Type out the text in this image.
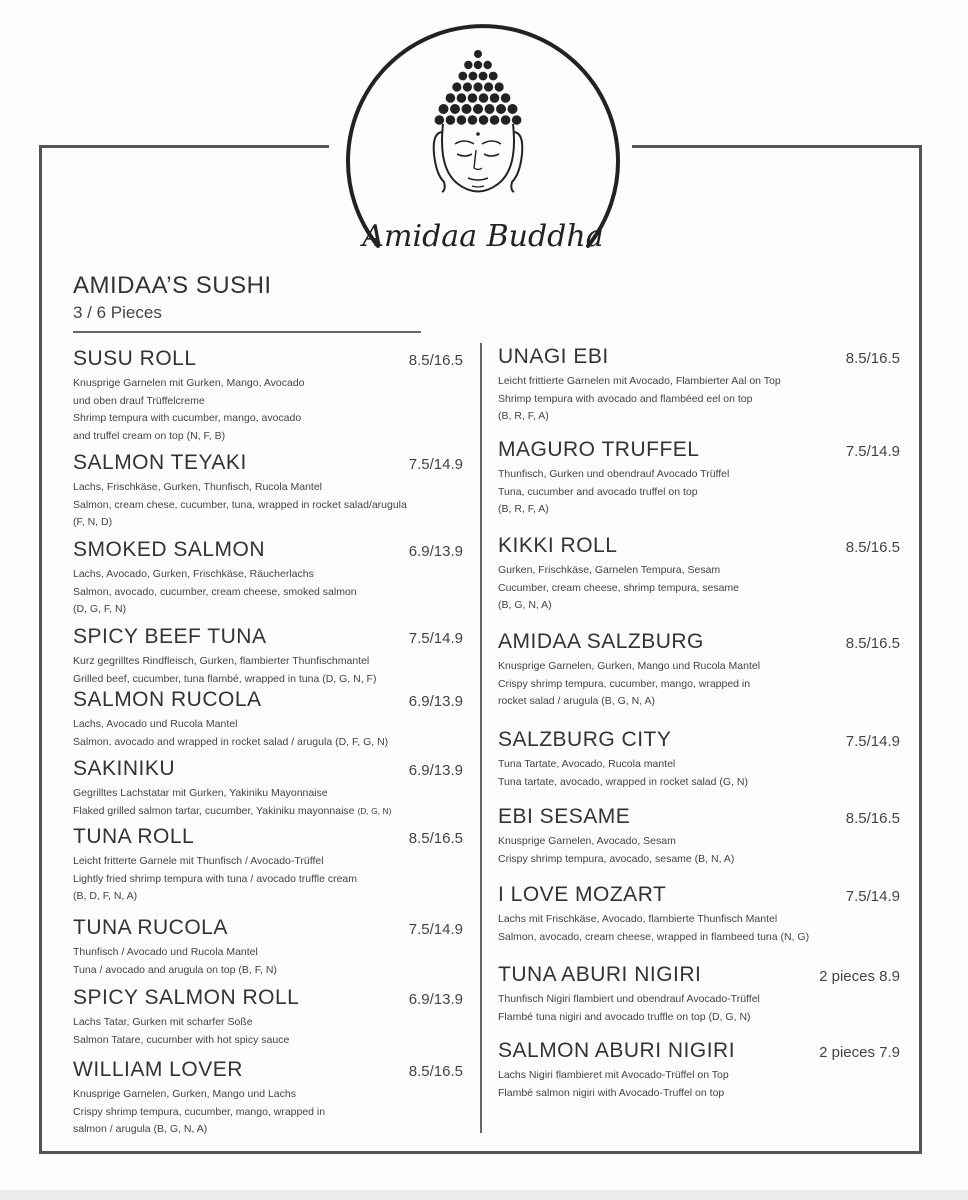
Amidaa Buddha
AMIDAA’S SUSHI
3 / 6 Pieces
SUSU ROLL	8.5/16.5
Knusprige Garnelen mit Gurken, Mango, Avocado
und oben drauf Trüffelcreme
Shrimp tempura with cucumber, mango, avocado
and truffel cream on top (N, F, B)
SALMON TEYAKI	7.5/14.9
Lachs, Frischkäse, Gurken, Thunfisch, Rucola Mantel
Salmon, cream chese, cucumber, tuna, wrapped in rocket salad/arugula
(F, N, D)
SMOKED SALMON	6.9/13.9
Lachs, Avocado, Gurken, Frischkäse, Räucherlachs
Salmon, avocado, cucumber, cream cheese, smoked salmon
(D, G, F, N)
SPICY BEEF TUNA	7.5/14.9
Kurz gegrilltes Rindfleisch, Gurken, flambierter Thunfischmantel
Grilled beef, cucumber, tuna flambé, wrapped in tuna (D, G, N, F)
SALMON RUCOLA	6.9/13.9
Lachs, Avocado und Rucola Mantel
Salmon, avocado and wrapped in rocket salad / arugula (D, F, G, N)
SAKINIKU	6.9/13.9
Gegrilltes Lachstatar mit Gurken, Yakiniku Mayonnaise
Flaked grilled salmon tartar, cucumber, Yakiniku mayonnaise (D, G, N)
TUNA ROLL	8.5/16.5
Leicht fritterte Garnele mit Thunfisch / Avocado-Trüffel
Lightly fried shrimp tempura with tuna / avocado truffle cream
(B, D, F, N, A)
TUNA RUCOLA	7.5/14.9
Thunfisch / Avocado und Rucola Mantel
Tuna / avocado and arugula on top (B, F, N)
SPICY SALMON ROLL	6.9/13.9
Lachs Tatar, Gurken mit scharfer Soße
Salmon Tatare, cucumber with hot spicy sauce
WILLIAM LOVER	8.5/16.5
Knusprige Garnelen, Gurken, Mango und Lachs
Crispy shrimp tempura, cucumber, mango, wrapped in
salmon / arugula (B, G, N, A)
UNAGI EBI	8.5/16.5
Leicht frittierte Garnelen mit Avocado, Flambierter Aal on Top
Shrimp tempura with avocado and flambéed eel on top
(B, R, F, A)
MAGURO TRUFFEL	7.5/14.9
Thunfisch, Gurken und obendrauf Avocado Trüffel
Tuna, cucumber and avocado truffel on top
(B, R, F, A)
KIKKI ROLL	8.5/16.5
Gurken, Frischkäse, Garnelen Tempura, Sesam
Cucumber, cream cheese, shrimp tempura, sesame
(B, G, N, A)
AMIDAA SALZBURG	8.5/16.5
Knusprige Garnelen, Gurken, Mango und Rucola Mantel
Crispy shrimp tempura, cucumber, mango, wrapped in
rocket salad / arugula (B, G, N, A)
SALZBURG CITY	7.5/14.9
Tuna Tartate, Avocado, Rucola mantel
Tuna tartate, avocado, wrapped in rocket salad (G, N)
EBI SESAME	8.5/16.5
Knusprige Garnelen, Avocado, Sesam
Crispy shrimp tempura, avocado, sesame (B, N, A)
I LOVE MOZART	7.5/14.9
Lachs mit Frischkäse, Avocado, flambierte Thunfisch Mantel
Salmon, avocado, cream cheese, wrapped in flambeed tuna (N, G)
TUNA ABURI NIGIRI	2 pieces 8.9
Thunfisch Nigiri flambiert und obendrauf Avocado-Trüffel
Flambé tuna nigiri and avocado truffle on top (D, G, N)
SALMON ABURI NIGIRI	2 pieces 7.9
Lachs Nigiri flambieret mit Avocado-Trüffel on Top
Flambé salmon nigiri with Avocado-Truffel on top
